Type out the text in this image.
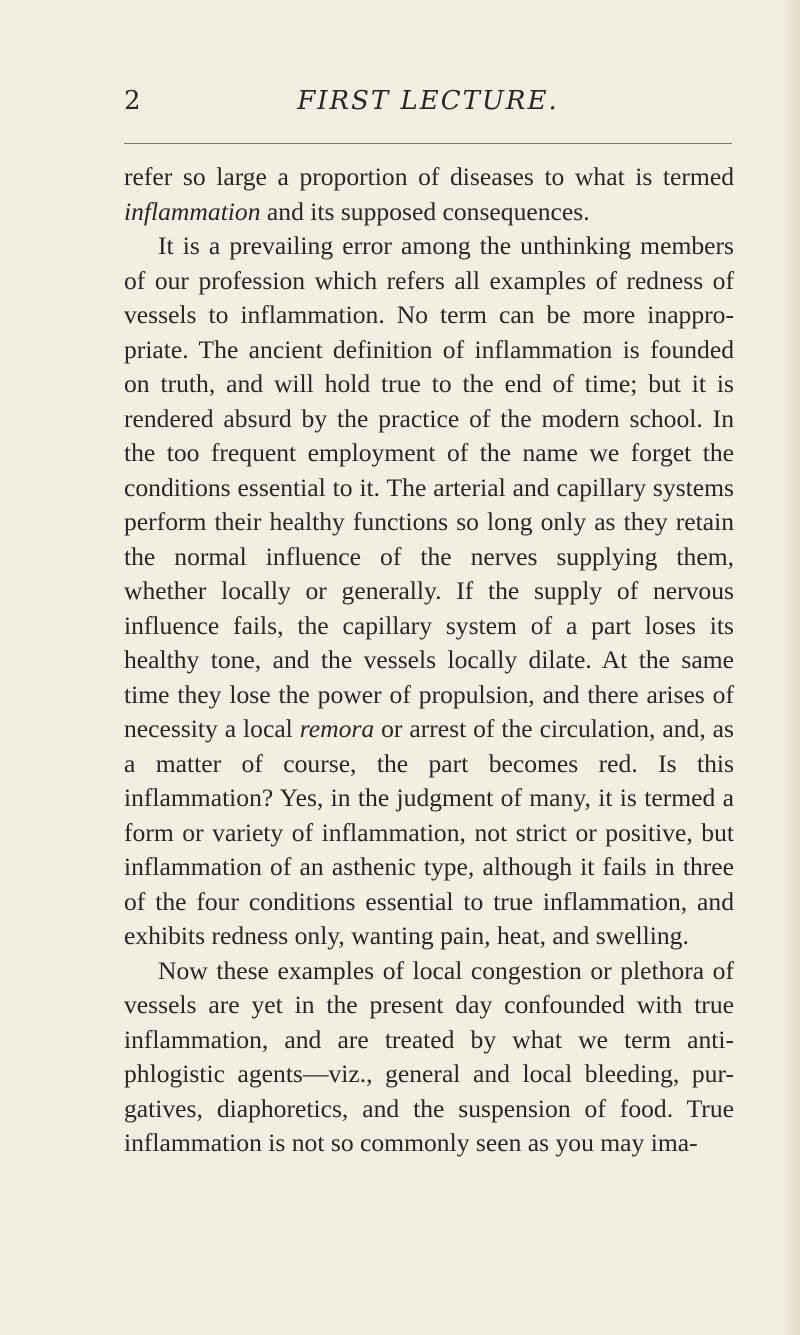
2	FIRST LECTURE.

refer so large a proportion of diseases to what is termed inflammation and its supposed consequences.

It is a prevailing error among the unthinking members of our profession which refers all examples of redness of vessels to inflammation. No term can be more inappro-priate. The ancient definition of inflammation is founded on truth, and will hold true to the end of time; but it is rendered absurd by the practice of the modern school. In the too frequent employment of the name we forget the conditions essential to it. The arterial and capillary systems perform their healthy functions so long only as they retain the normal influence of the nerves supplying them, whether locally or generally. If the supply of nervous influence fails, the capillary system of a part loses its healthy tone, and the vessels locally dilate. At the same time they lose the power of propulsion, and there arises of necessity a local remora or arrest of the circulation, and, as a matter of course, the part becomes red. Is this inflammation? Yes, in the judgment of many, it is termed a form or variety of inflammation, not strict or positive, but inflammation of an asthenic type, although it fails in three of the four conditions essential to true inflammation, and exhibits redness only, wanting pain, heat, and swelling.

Now these examples of local congestion or plethora of vessels are yet in the present day confounded with true inflammation, and are treated by what we term anti-phlogistic agents—viz., general and local bleeding, pur-gatives, diaphoretics, and the suspension of food. True inflammation is not so commonly seen as you may ima-
